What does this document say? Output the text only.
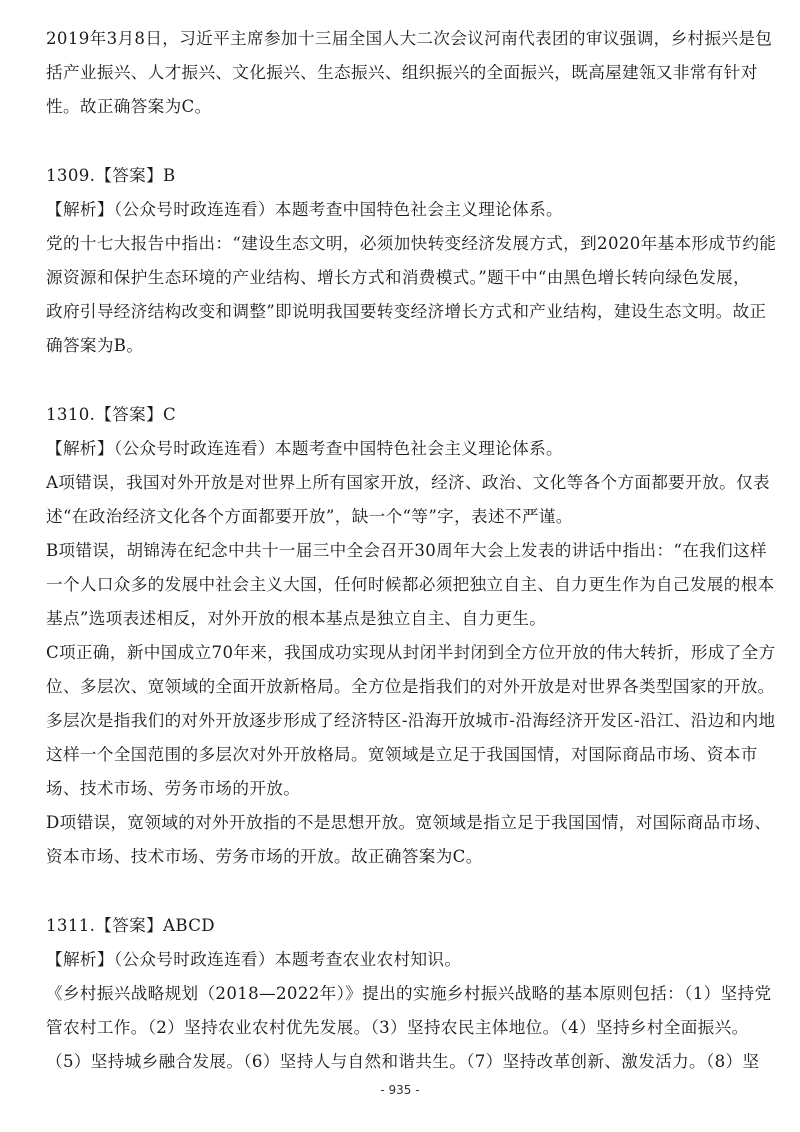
2019年3月8日，习近平主席参加十三届全国人大二次会议河南代表团的审议强调，乡村振兴是包
括产业振兴、人才振兴、文化振兴、生态振兴、组织振兴的全面振兴，既高屋建瓴又非常有针对
性。故正确答案为C。
1309.【答案】B
【解析】（公众号时政连连看）本题考查中国特色社会主义理论体系。
党的十七大报告中指出：“建设生态文明，必须加快转变经济发展方式，到2020年基本形成节约能
源资源和保护生态环境的产业结构、增长方式和消费模式。”题干中“由黑色增长转向绿色发展，
政府引导经济结构改变和调整”即说明我国要转变经济增长方式和产业结构，建设生态文明。故正
确答案为B。
1310.【答案】C
【解析】（公众号时政连连看）本题考查中国特色社会主义理论体系。
A项错误，我国对外开放是对世界上所有国家开放，经济、政治、文化等各个方面都要开放。仅表
述“在政治经济文化各个方面都要开放”，缺一个“等”字，表述不严谨。
B项错误，胡锦涛在纪念中共十一届三中全会召开30周年大会上发表的讲话中指出：“在我们这样
一个人口众多的发展中社会主义大国，任何时候都必须把独立自主、自力更生作为自己发展的根本
基点”选项表述相反，对外开放的根本基点是独立自主、自力更生。
C项正确，新中国成立70年来，我国成功实现从封闭半封闭到全方位开放的伟大转折，形成了全方
位、多层次、宽领域的全面开放新格局。全方位是指我们的对外开放是对世界各类型国家的开放。
多层次是指我们的对外开放逐步形成了经济特区-沿海开放城市-沿海经济开发区-沿江、沿边和内地
这样一个全国范围的多层次对外开放格局。宽领域是立足于我国国情，对国际商品市场、资本市
场、技术市场、劳务市场的开放。
D项错误，宽领域的对外开放指的不是思想开放。宽领域是指立足于我国国情，对国际商品市场、
资本市场、技术市场、劳务市场的开放。故正确答案为C。
1311.【答案】ABCD
【解析】（公众号时政连连看）本题考查农业农村知识。
《乡村振兴战略规划（2018—2022年）》提出的实施乡村振兴战略的基本原则包括：（1）坚持党
管农村工作。（2）坚持农业农村优先发展。（3）坚持农民主体地位。（4）坚持乡村全面振兴。
（5）坚持城乡融合发展。（6）坚持人与自然和谐共生。（7）坚持改革创新、激发活力。（8）坚
- 935 -
